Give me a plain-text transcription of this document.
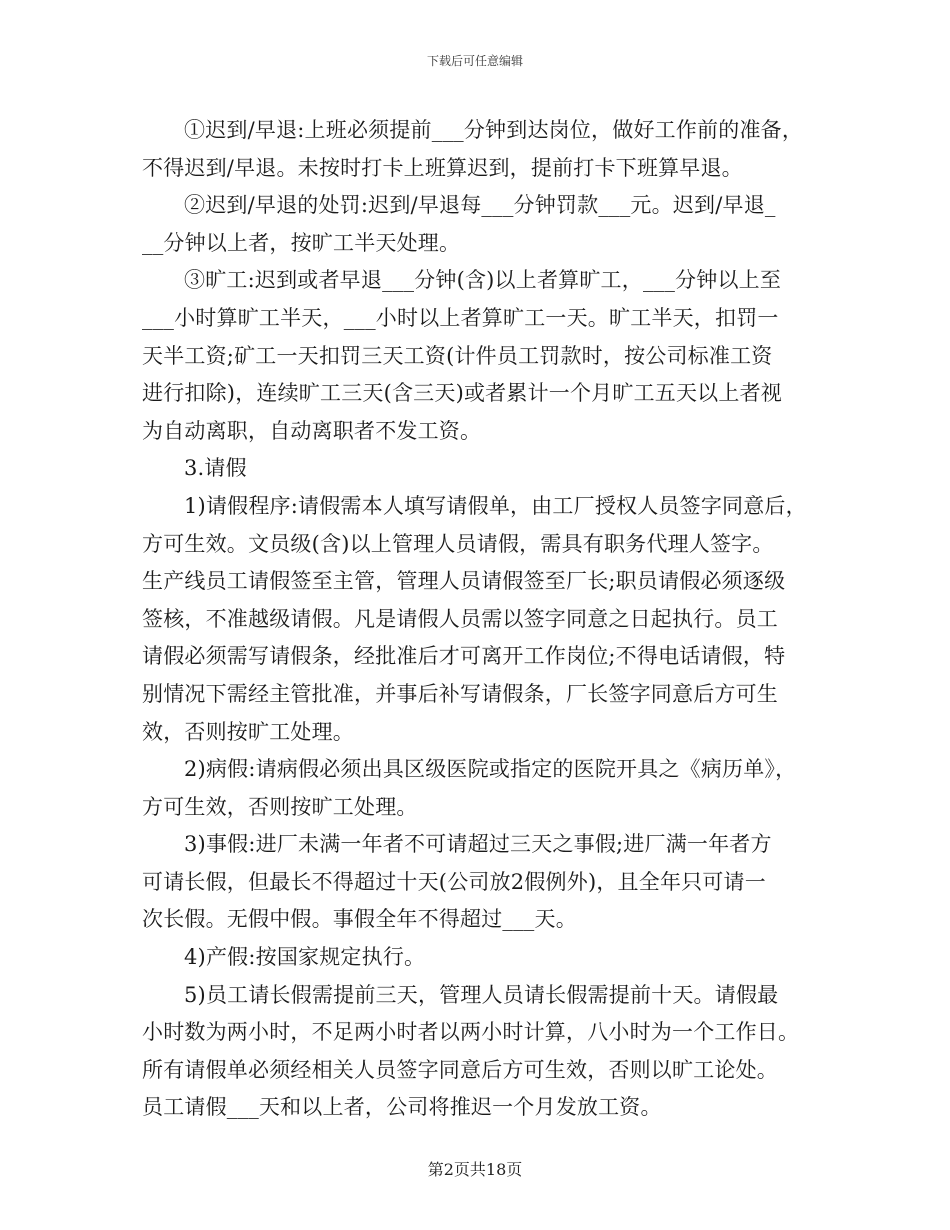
下载后可任意编辑
①迟到/早退:上班必须提前___分钟到达岗位，做好工作前的准备，
不得迟到/早退。未按时打卡上班算迟到，提前打卡下班算早退。
②迟到/早退的处罚:迟到/早退每___分钟罚款___元。迟到/早退_
__分钟以上者，按旷工半天处理。
③旷工:迟到或者早退___分钟(含)以上者算旷工，___分钟以上至
___小时算旷工半天，___小时以上者算旷工一天。旷工半天，扣罚一
天半工资;矿工一天扣罚三天工资(计件员工罚款时，按公司标准工资
进行扣除)，连续旷工三天(含三天)或者累计一个月旷工五天以上者视
为自动离职，自动离职者不发工资。
3.请假
1)请假程序:请假需本人填写请假单，由工厂授权人员签字同意后，
方可生效。文员级(含)以上管理人员请假，需具有职务代理人签字。
生产线员工请假签至主管，管理人员请假签至厂长;职员请假必须逐级
签核，不准越级请假。凡是请假人员需以签字同意之日起执行。员工
请假必须需写请假条，经批准后才可离开工作岗位;不得电话请假，特
别情况下需经主管批准，并事后补写请假条，厂长签字同意后方可生
效，否则按旷工处理。
2)病假:请病假必须出具区级医院或指定的医院开具之《病历单》，
方可生效，否则按旷工处理。
3)事假:进厂未满一年者不可请超过三天之事假;进厂满一年者方
可请长假，但最长不得超过十天(公司放2假例外)，且全年只可请一
次长假。无假中假。事假全年不得超过___天。
4)产假:按国家规定执行。
5)员工请长假需提前三天，管理人员请长假需提前十天。请假最
小时数为两小时，不足两小时者以两小时计算，八小时为一个工作日。
所有请假单必须经相关人员签字同意后方可生效，否则以旷工论处。
员工请假___天和以上者，公司将推迟一个月发放工资。
第2页共18页
